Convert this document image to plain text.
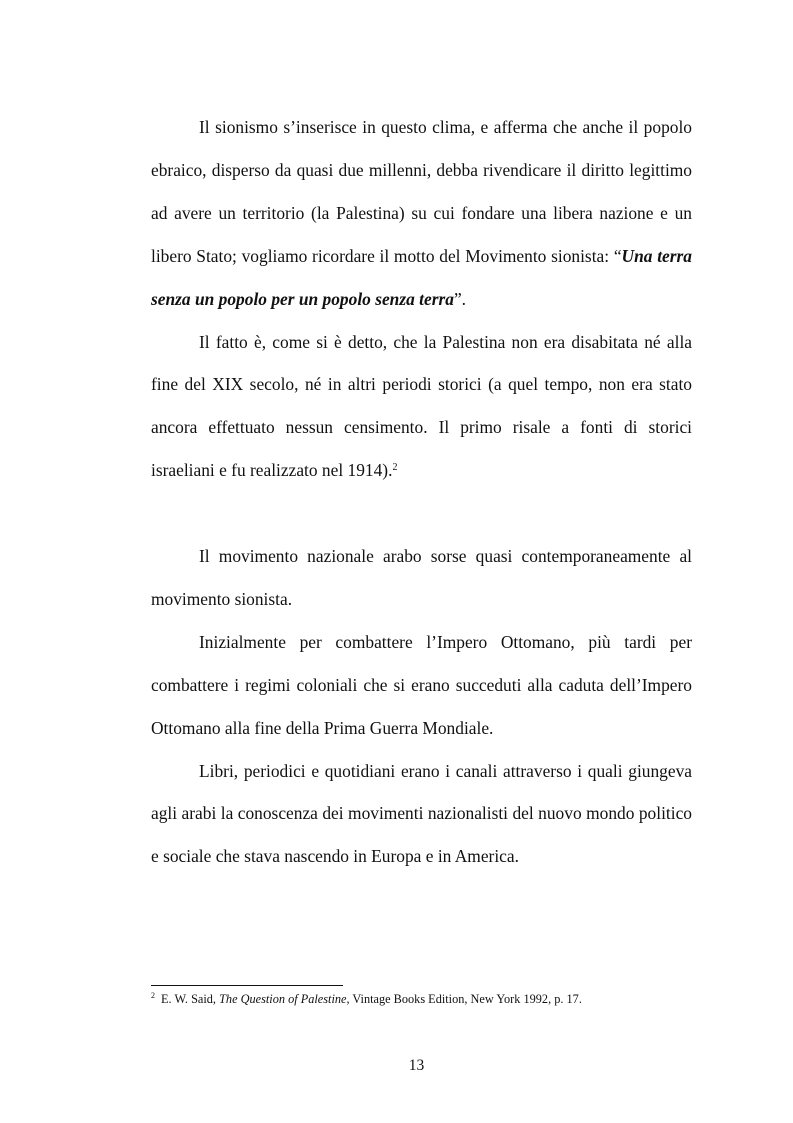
Il sionismo s’inserisce in questo clima, e afferma che anche il popolo ebraico, disperso da quasi due millenni, debba rivendicare il diritto legittimo ad avere un territorio (la Palestina) su cui fondare una libera nazione e un libero Stato; vogliamo ricordare il motto del Movimento sionista: “Una terra senza un popolo per un popolo senza terra”.

Il fatto è, come si è detto, che la Palestina non era disabitata né alla fine del XIX secolo, né in altri periodi storici (a quel tempo, non era stato ancora effettuato nessun censimento. Il primo risale a fonti di storici israeliani e fu realizzato nel 1914).$^2$

Il movimento nazionale arabo sorse quasi contemporaneamente al movimento sionista.

Inizialmente per combattere l’Impero Ottomano, più tardi per combattere i regimi coloniali che si erano succeduti alla caduta dell’Impero Ottomano alla fine della Prima Guerra Mondiale.

Libri, periodici e quotidiani erano i canali attraverso i quali giungeva agli arabi la conoscenza dei movimenti nazionalisti del nuovo mondo politico e sociale che stava nascendo in Europa e in America.

$^2$ E. W. Said, The Question of Palestine, Vintage Books Edition, New York 1992, p. 17.
13
